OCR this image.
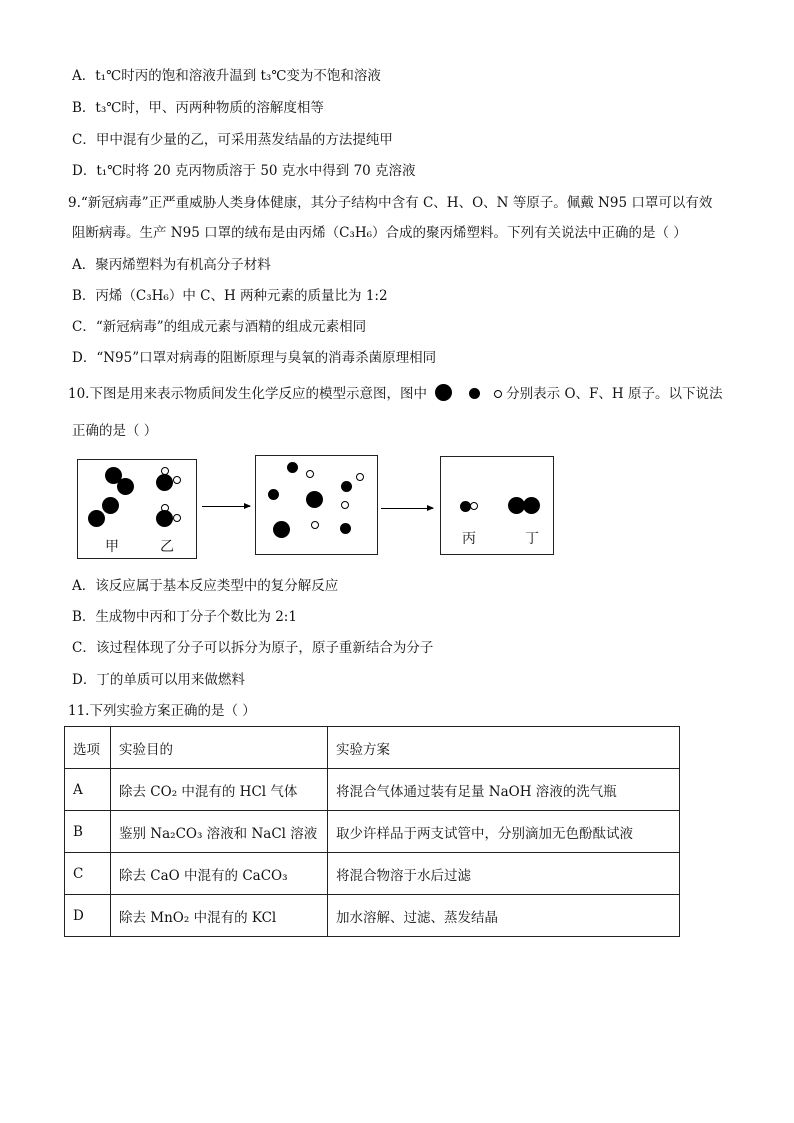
A．t₁℃时丙的饱和溶液升温到 t₃℃变为不饱和溶液
B．t₃℃时，甲、丙两种物质的溶解度相等
C．甲中混有少量的乙，可采用蒸发结晶的方法提纯甲
D．t₁℃时将 20 克丙物质溶于 50 克水中得到 70 克溶液
9.“新冠病毒”正严重威胁人类身体健康，其分子结构中含有 C、H、O、N 等原子。佩戴 N95 口罩可以有效
阻断病毒。生产 N95 口罩的绒布是由丙烯（C₃H₆）合成的聚丙烯塑料。下列有关说法中正确的是（ ）
A．聚丙烯塑料为有机高分子材料
B．丙烯（C₃H₆）中 C、H 两种元素的质量比为 1:2
C．“新冠病毒”的组成元素与酒精的组成元素相同
D．“N95”口罩对病毒的阻断原理与臭氧的消毒杀菌原理相同
10.下图是用来表示物质间发生化学反应的模型示意图，图中	分别表示 O、F、H 原子。以下说法
正确的是（ ）
甲	乙	丙	丁
A．该反应属于基本反应类型中的复分解反应
B．生成物中丙和丁分子个数比为 2:1
C．该过程体现了分子可以拆分为原子，原子重新结合为分子
D．丁的单质可以用来做燃料
11.下列实验方案正确的是（ ）
选项	实验目的	实验方案
A	除去 CO₂ 中混有的 HCl 气体	将混合气体通过装有足量 NaOH 溶液的洗气瓶
B	鉴别 Na₂CO₃ 溶液和 NaCl 溶液	取少许样品于两支试管中，分别滴加无色酚酞试液
C	除去 CaO 中混有的 CaCO₃	将混合物溶于水后过滤
D	除去 MnO₂ 中混有的 KCl	加水溶解、过滤、蒸发结晶
